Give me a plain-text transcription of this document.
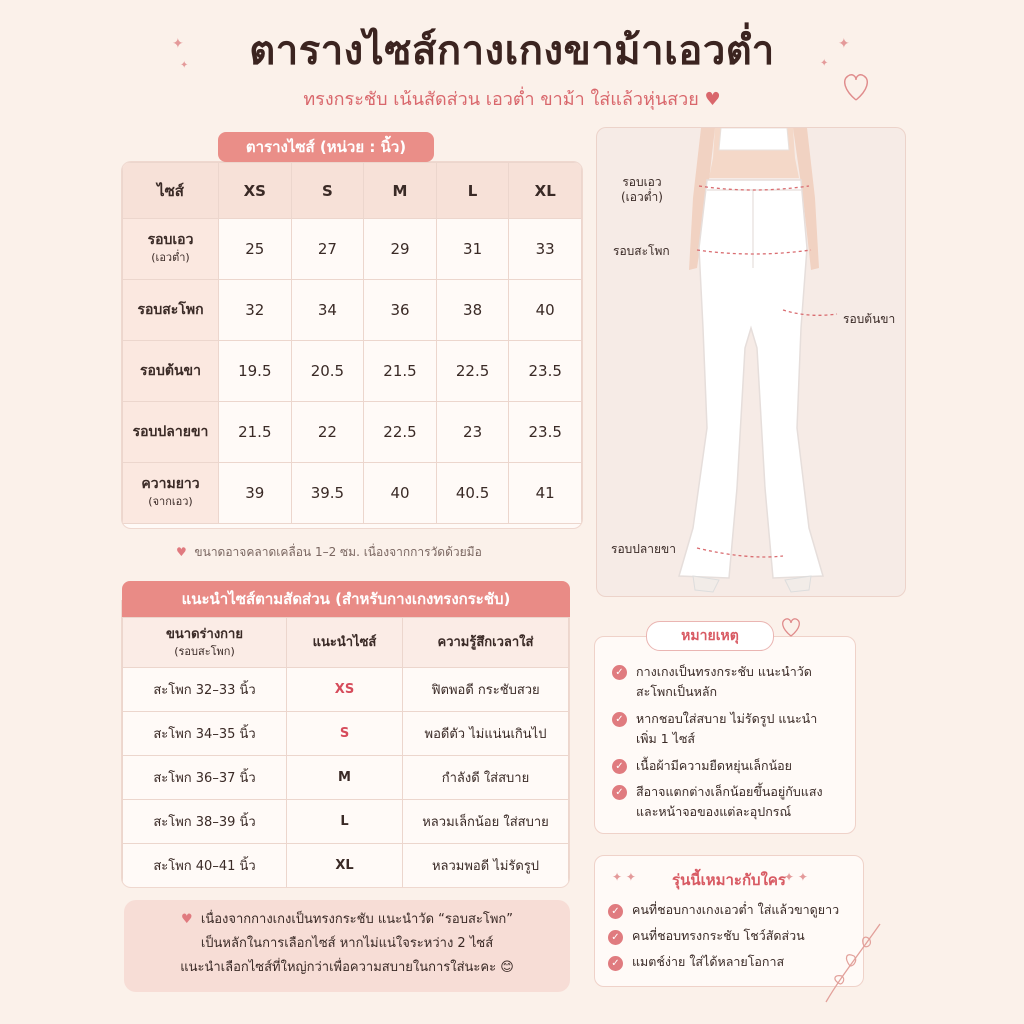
✦
✦
✦
✦
ตารางไซส์กางเกงขาม้าเอวต่ำ
ทรงกระชับ เน้นสัดส่วน เอวต่ำ ขาม้า ใส่แล้วหุ่นสวย ♥
ไซส์	XS	S	M	L	XL
รอบเอว
(เอวต่ำ)	25	27	29	31	33
รอบสะโพก	32	34	36	38	40
รอบต้นขา	19.5	20.5	21.5	22.5	23.5
รอบปลายขา	21.5	22	22.5	23	23.5
ความยาว
(จากเอว)	39	39.5	40	40.5	41
ตารางไซส์ (หน่วย : นิ้ว)
♥ ขนาดอาจคลาดเคลื่อน 1–2 ซม. เนื่องจากการวัดด้วยมือ
ขนาดร่างกาย
(รอบสะโพก)	แนะนำไซส์	ความรู้สึกเวลาใส่
สะโพก 32–33 นิ้ว	XS	ฟิตพอดี กระชับสวย
สะโพก 34–35 นิ้ว	S	พอดีตัว ไม่แน่นเกินไป
สะโพก 36–37 นิ้ว	M	กำลังดี ใส่สบาย
สะโพก 38–39 นิ้ว	L	หลวมเล็กน้อย ใส่สบาย
สะโพก 40–41 นิ้ว	XL	หลวมพอดี ไม่รัดรูป
แนะนำไซส์ตามสัดส่วน (สำหรับกางเกงทรงกระชับ)
♥ เนื่องจากกางเกงเป็นทรงกระชับ แนะนำวัด “รอบสะโพก”
เป็นหลักในการเลือกไซส์ หากไม่แน่ใจระหว่าง 2 ไซส์
แนะนำเลือกไซส์ที่ใหญ่กว่าเพื่อความสบายในการใส่นะคะ 😊
รอบเอว
(เอวต่ำ)
รอบสะโพก
รอบต้นขา
รอบปลายขา
หมายเหตุ
✓ กางเกงเป็นทรงกระชับ แนะนำวัด
สะโพกเป็นหลัก
✓ หากชอบใส่สบาย ไม่รัดรูป แนะนำ
เพิ่ม 1 ไซส์
✓ เนื้อผ้ามีความยืดหยุ่นเล็กน้อย
✓ สีอาจแตกต่างเล็กน้อยขึ้นอยู่กับแสง
และหน้าจอของแต่ละอุปกรณ์
✦ ✦	✦ ✦
รุ่นนี้เหมาะกับใคร
✓ คนที่ชอบกางเกงเอวต่ำ ใส่แล้วขาดูยาว
✓ คนที่ชอบทรงกระชับ โชว์สัดส่วน
✓ แมตช์ง่าย ใส่ได้หลายโอกาส
